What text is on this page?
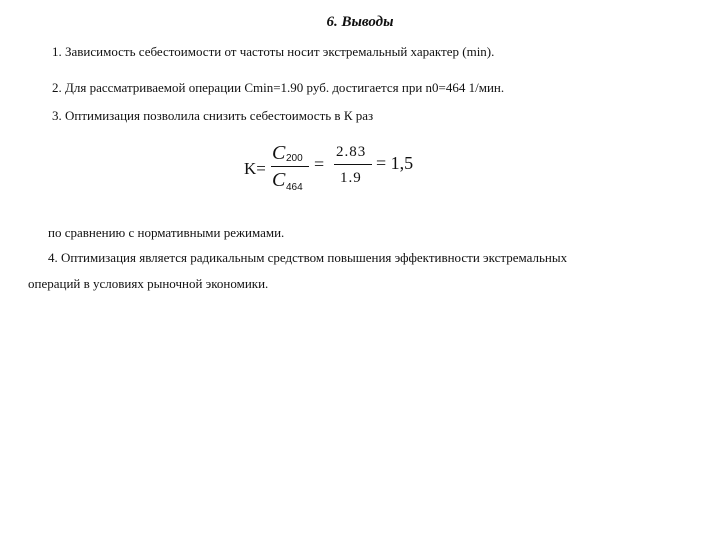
6. Выводы
1. Зависимость себестоимости от частоты носит экстремальный характер (min).
2. Для рассматриваемой операции Cmin=1.90 руб. достигается при n0=464 1/мин.
3. Оптимизация позволила снизить себестоимость в К раз
K=
C 200
C 464
=
2.83
1.9
= 1,5
по сравнению с нормативными режимами.
4. Оптимизация является радикальным средством повышения эффективности экстремальных
операций в условиях рыночной экономики.
